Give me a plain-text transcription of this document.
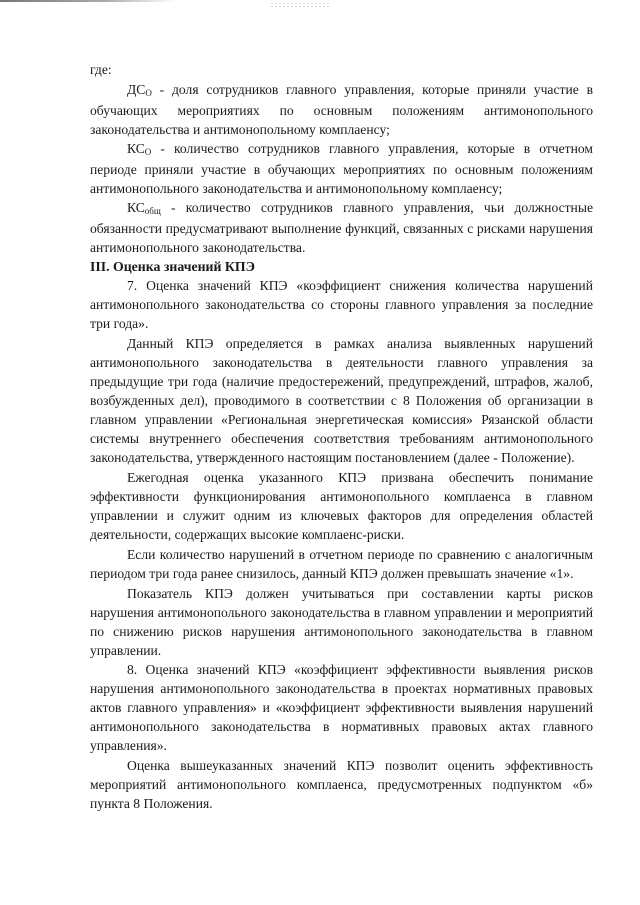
где:

ДСО - доля сотрудников главного управления, которые приняли участие в обучающих мероприятиях по основным положениям антимонопольного законодательства и антимонопольному комплаенсу;

КСО - количество сотрудников главного управления, которые в отчетном периоде приняли участие в обучающих мероприятиях по основным положениям антимонопольного законодательства и антимонопольному комплаенсу;

КСобщ - количество сотрудников главного управления, чьи должностные обязанности предусматривают выполнение функций, связанных с рисками нарушения антимонопольного законодательства.

III. Оценка значений КПЭ

7. Оценка значений КПЭ «коэффициент снижения количества нарушений антимонопольного законодательства со стороны главного управления за последние три года».

Данный КПЭ определяется в рамках анализа выявленных нарушений антимонопольного законодательства в деятельности главного управления за предыдущие три года (наличие предостережений, предупреждений, штрафов, жалоб, возбужденных дел), проводимого в соответствии с 8 Положения об организации в главном управлении «Региональная энергетическая комиссия» Рязанской области системы внутреннего обеспечения соответствия требованиям антимонопольного законодательства, утвержденного настоящим постановлением (далее - Положение).

Ежегодная оценка указанного КПЭ призвана обеспечить понимание эффективности функционирования антимонопольного комплаенса в главном управлении и служит одним из ключевых факторов для определения областей деятельности, содержащих высокие комплаенс-риски.

Если количество нарушений в отчетном периоде по сравнению с аналогичным периодом три года ранее снизилось, данный КПЭ должен превышать значение «1».

Показатель КПЭ должен учитываться при составлении карты рисков нарушения антимонопольного законодательства в главном управлении и мероприятий по снижению рисков нарушения антимонопольного законодательства в главном управлении.

8. Оценка значений КПЭ «коэффициент эффективности выявления рисков нарушения антимонопольного законодательства в проектах нормативных правовых актов главного управления» и «коэффициент эффективности выявления нарушений антимонопольного законодательства в нормативных правовых актах главного управления».

Оценка вышеуказанных значений КПЭ позволит оценить эффективность мероприятий антимонопольного комплаенса, предусмотренных подпунктом «б» пункта 8 Положения.
